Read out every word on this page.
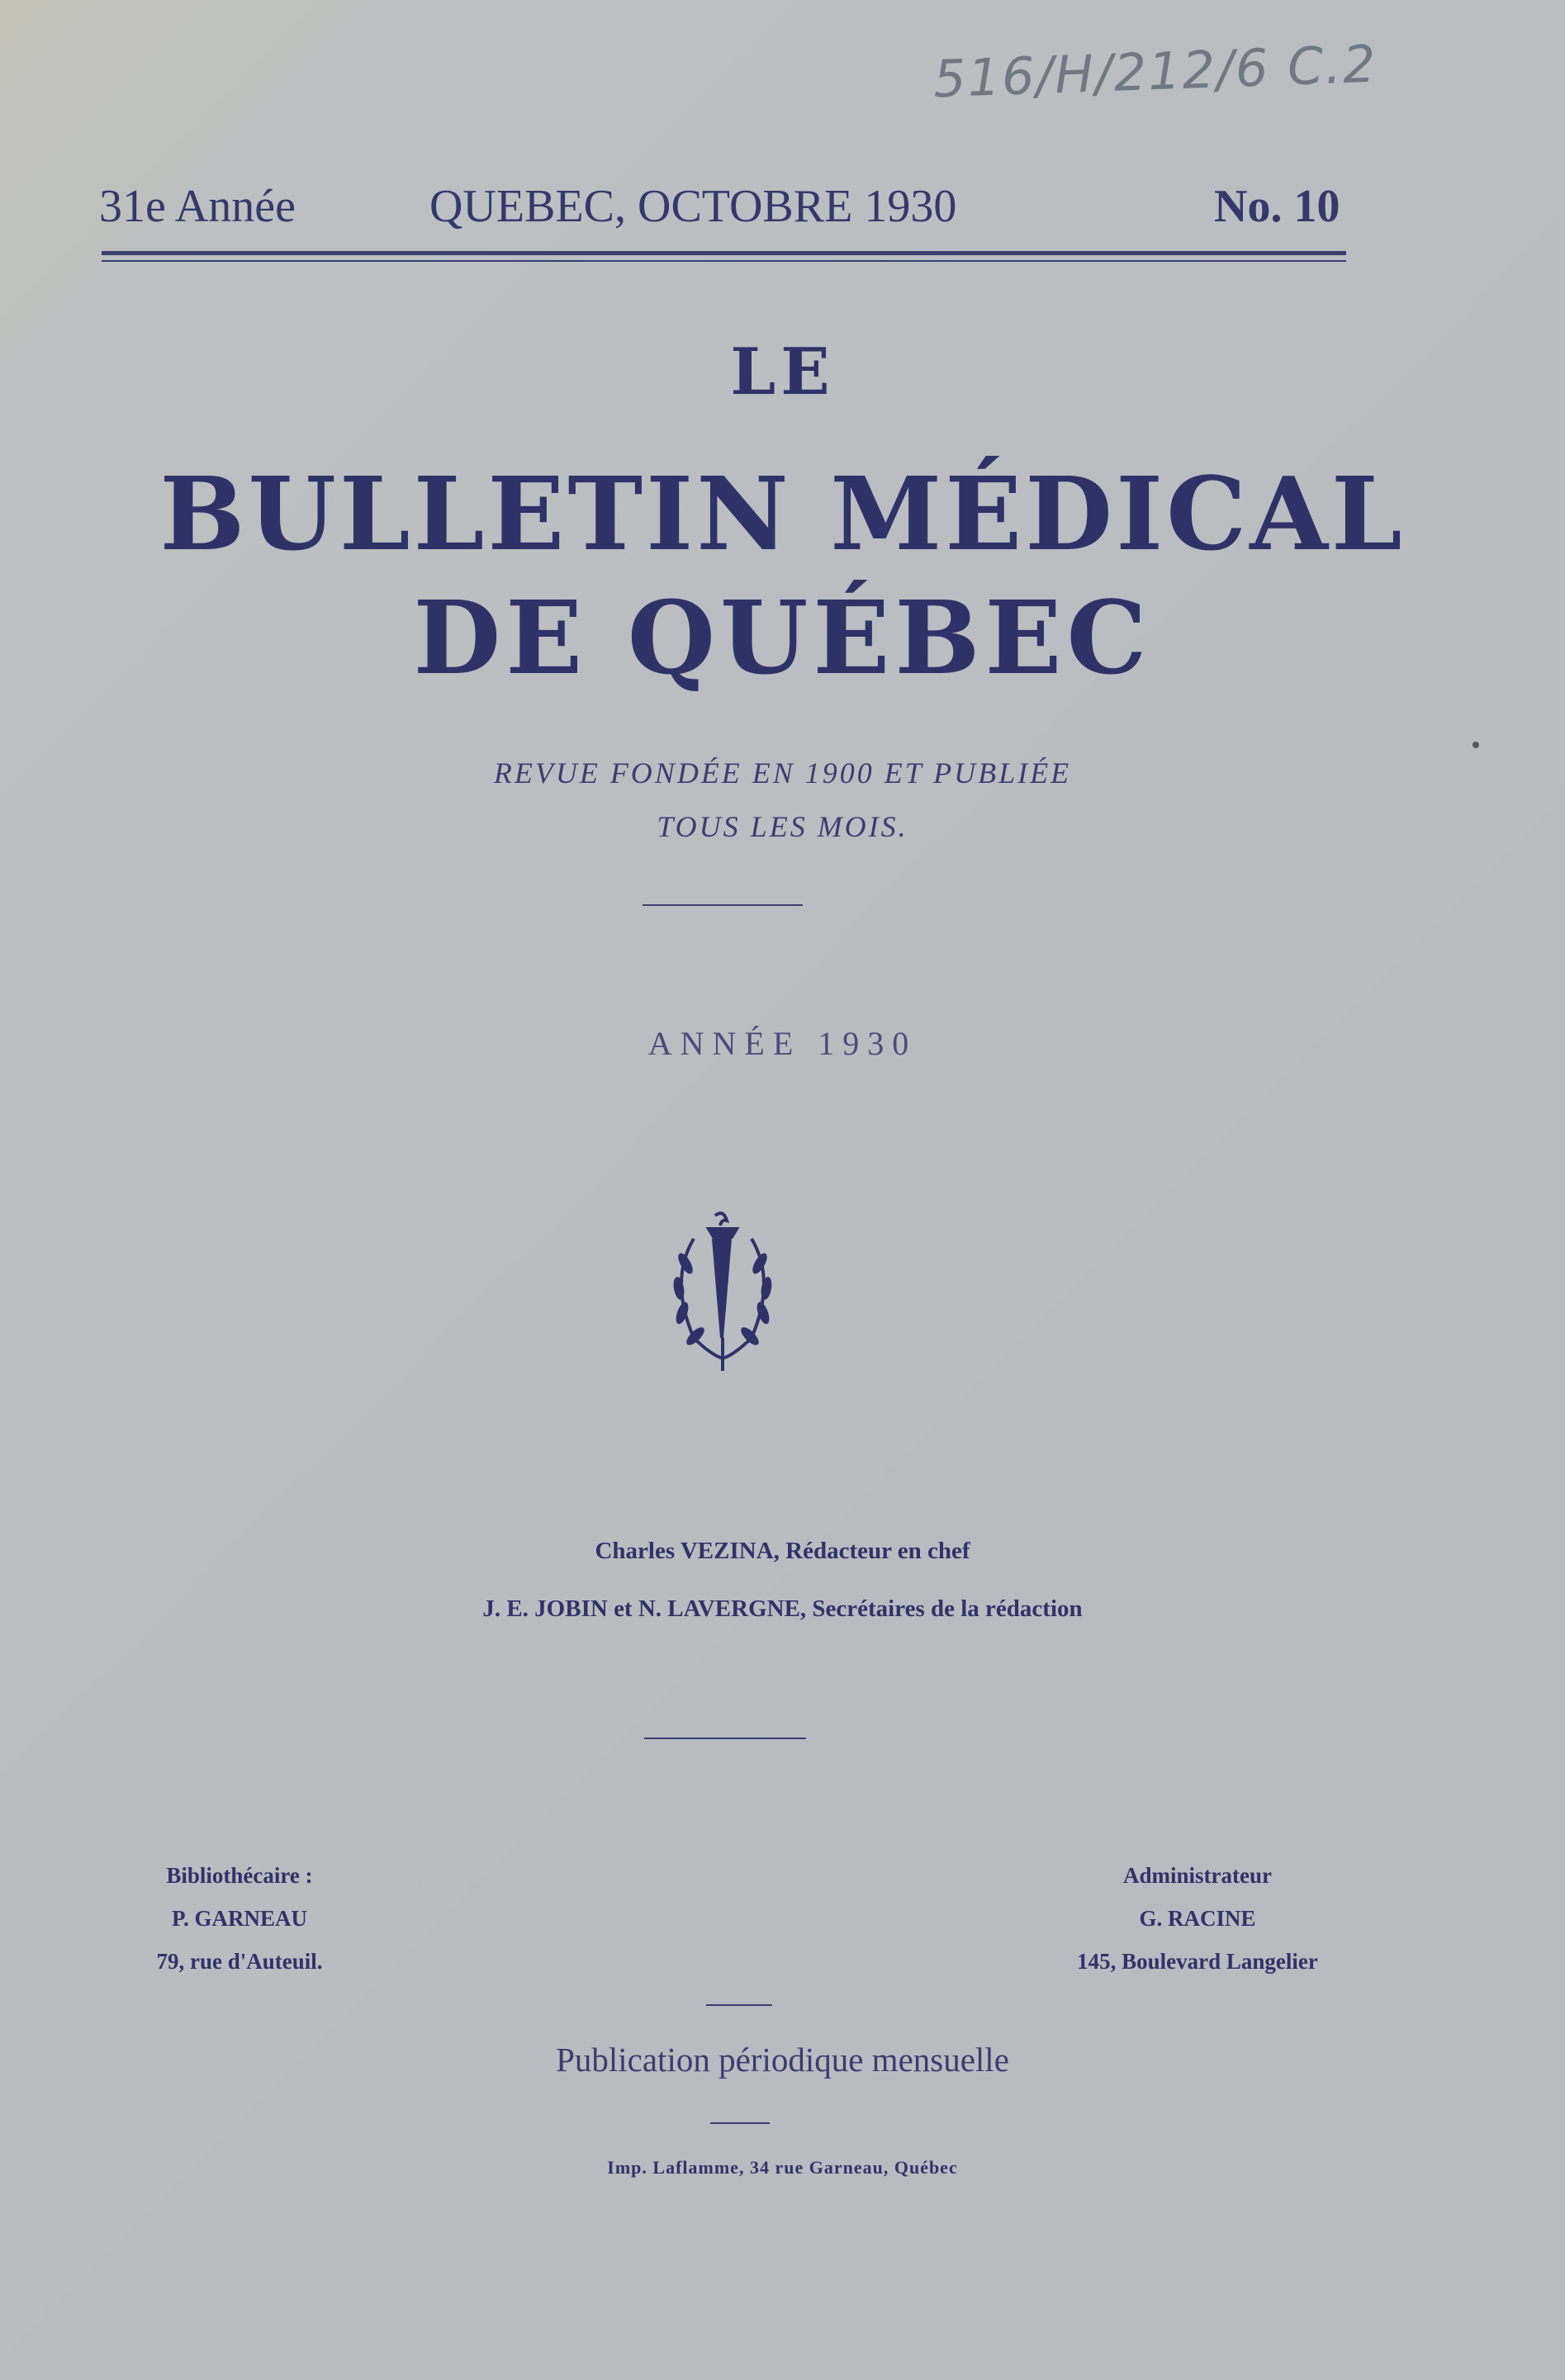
516/H/212/6 C.2
31e Année	QUEBEC, OCTOBRE 1930	No. 10
LE
BULLETIN MÉDICAL
DE QUÉBEC
REVUE FONDÉE EN 1900 ET PUBLIÉE
TOUS LES MOIS.
ANNÉE 1930
Charles VEZINA, Rédacteur en chef
J. E. JOBIN et N. LAVERGNE, Secrétaires de la rédaction
Bibliothécaire :
P. GARNEAU
79, rue d'Auteuil.
Administrateur
G. RACINE
145, Boulevard Langelier
Publication périodique mensuelle
Imp. Laflamme, 34 rue Garneau, Québec
